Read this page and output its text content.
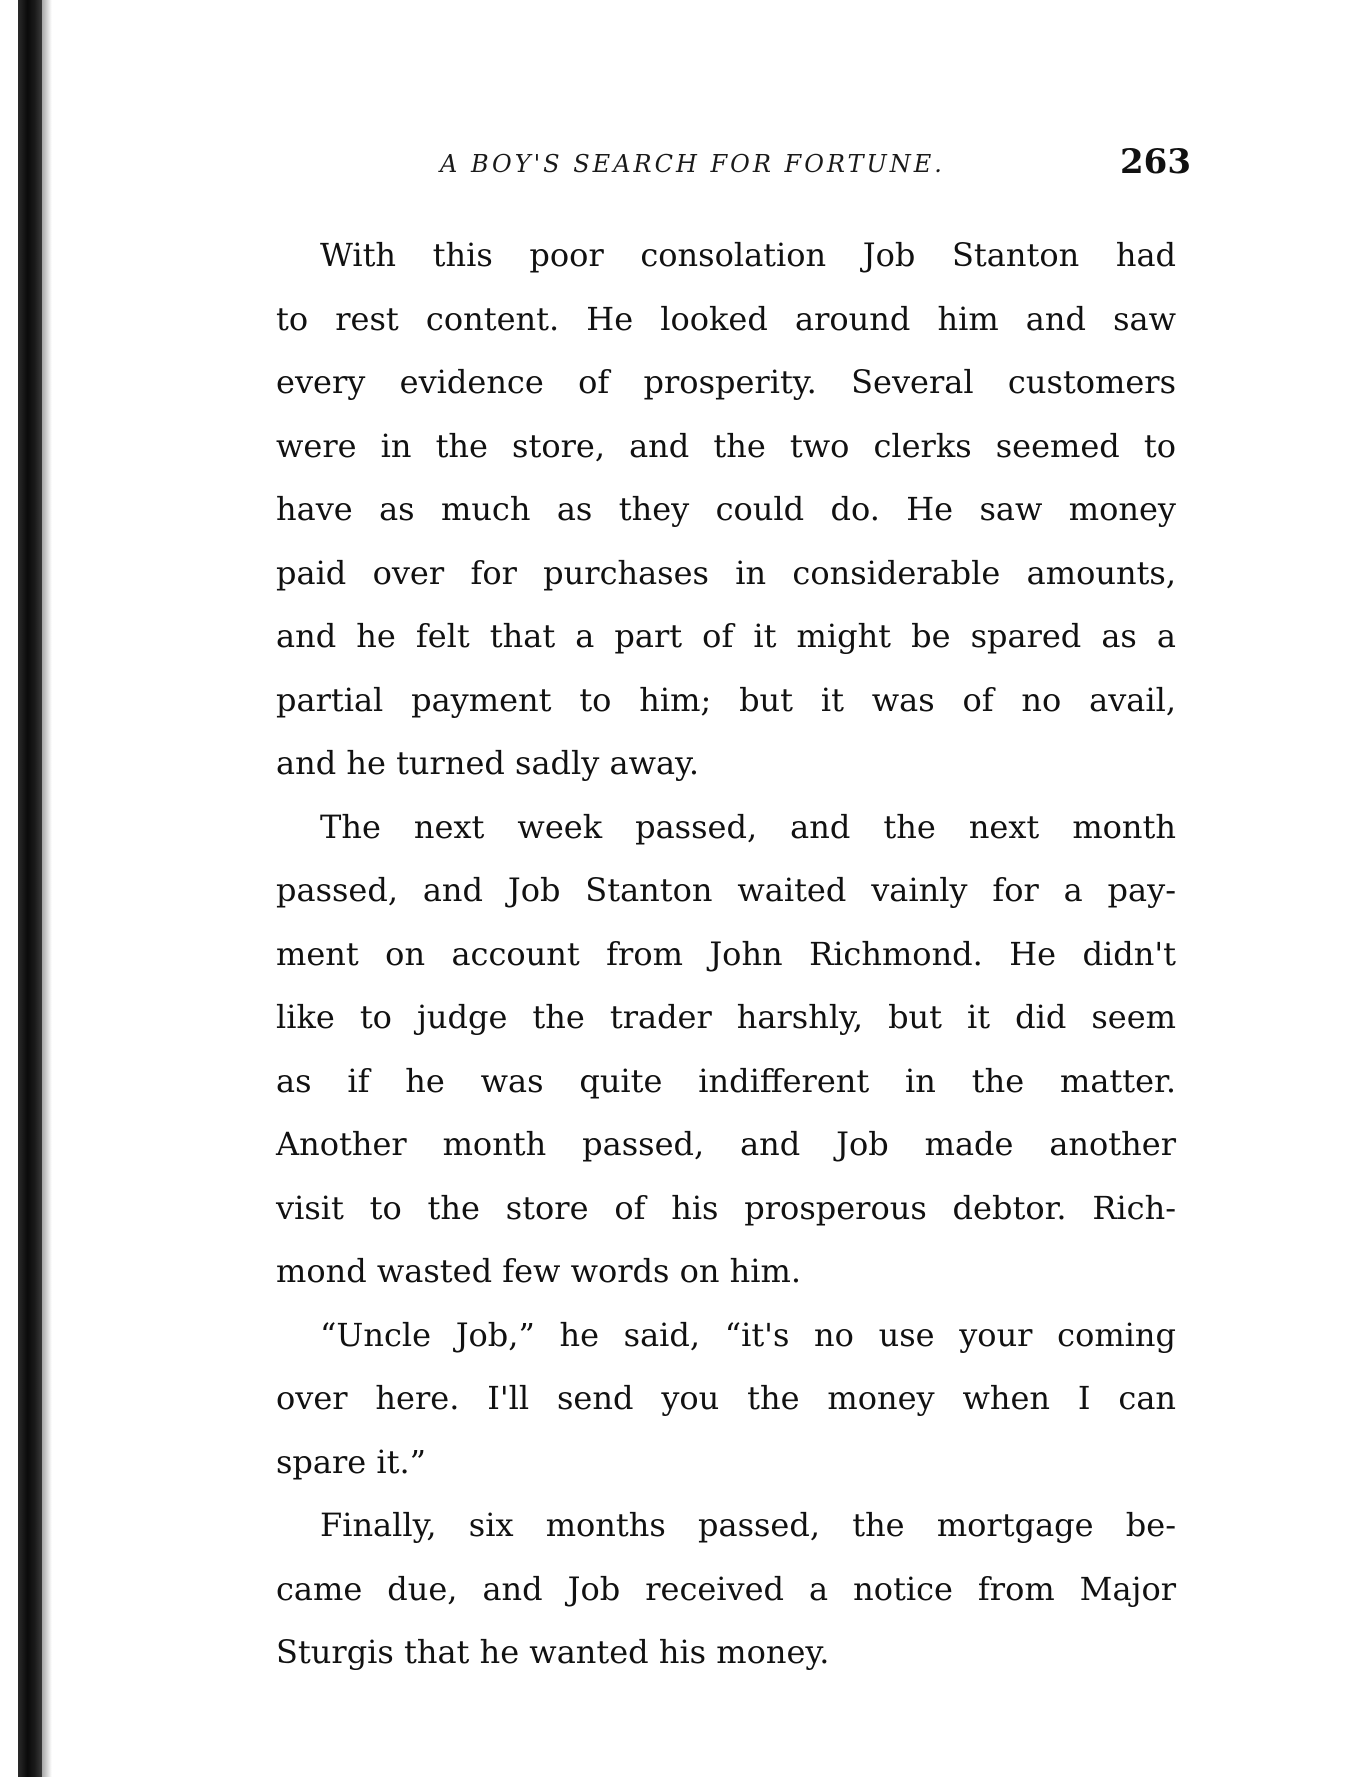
A BOY'S SEARCH FOR FORTUNE.	263
With this poor consolation Job Stanton had
to rest content. He looked around him and saw
every evidence of prosperity. Several customers
were in the store, and the two clerks seemed to
have as much as they could do. He saw money
paid over for purchases in considerable amounts,
and he felt that a part of it might be spared as a
partial payment to him; but it was of no avail,
and he turned sadly away.
The next week passed, and the next month
passed, and Job Stanton waited vainly for a pay-
ment on account from John Richmond. He didn't
like to judge the trader harshly, but it did seem
as if he was quite indifferent in the matter.
Another month passed, and Job made another
visit to the store of his prosperous debtor. Rich-
mond wasted few words on him.
“Uncle Job,” he said, “it's no use your coming
over here. I'll send you the money when I can
spare it.”
Finally, six months passed, the mortgage be-
came due, and Job received a notice from Major
Sturgis that he wanted his money.
